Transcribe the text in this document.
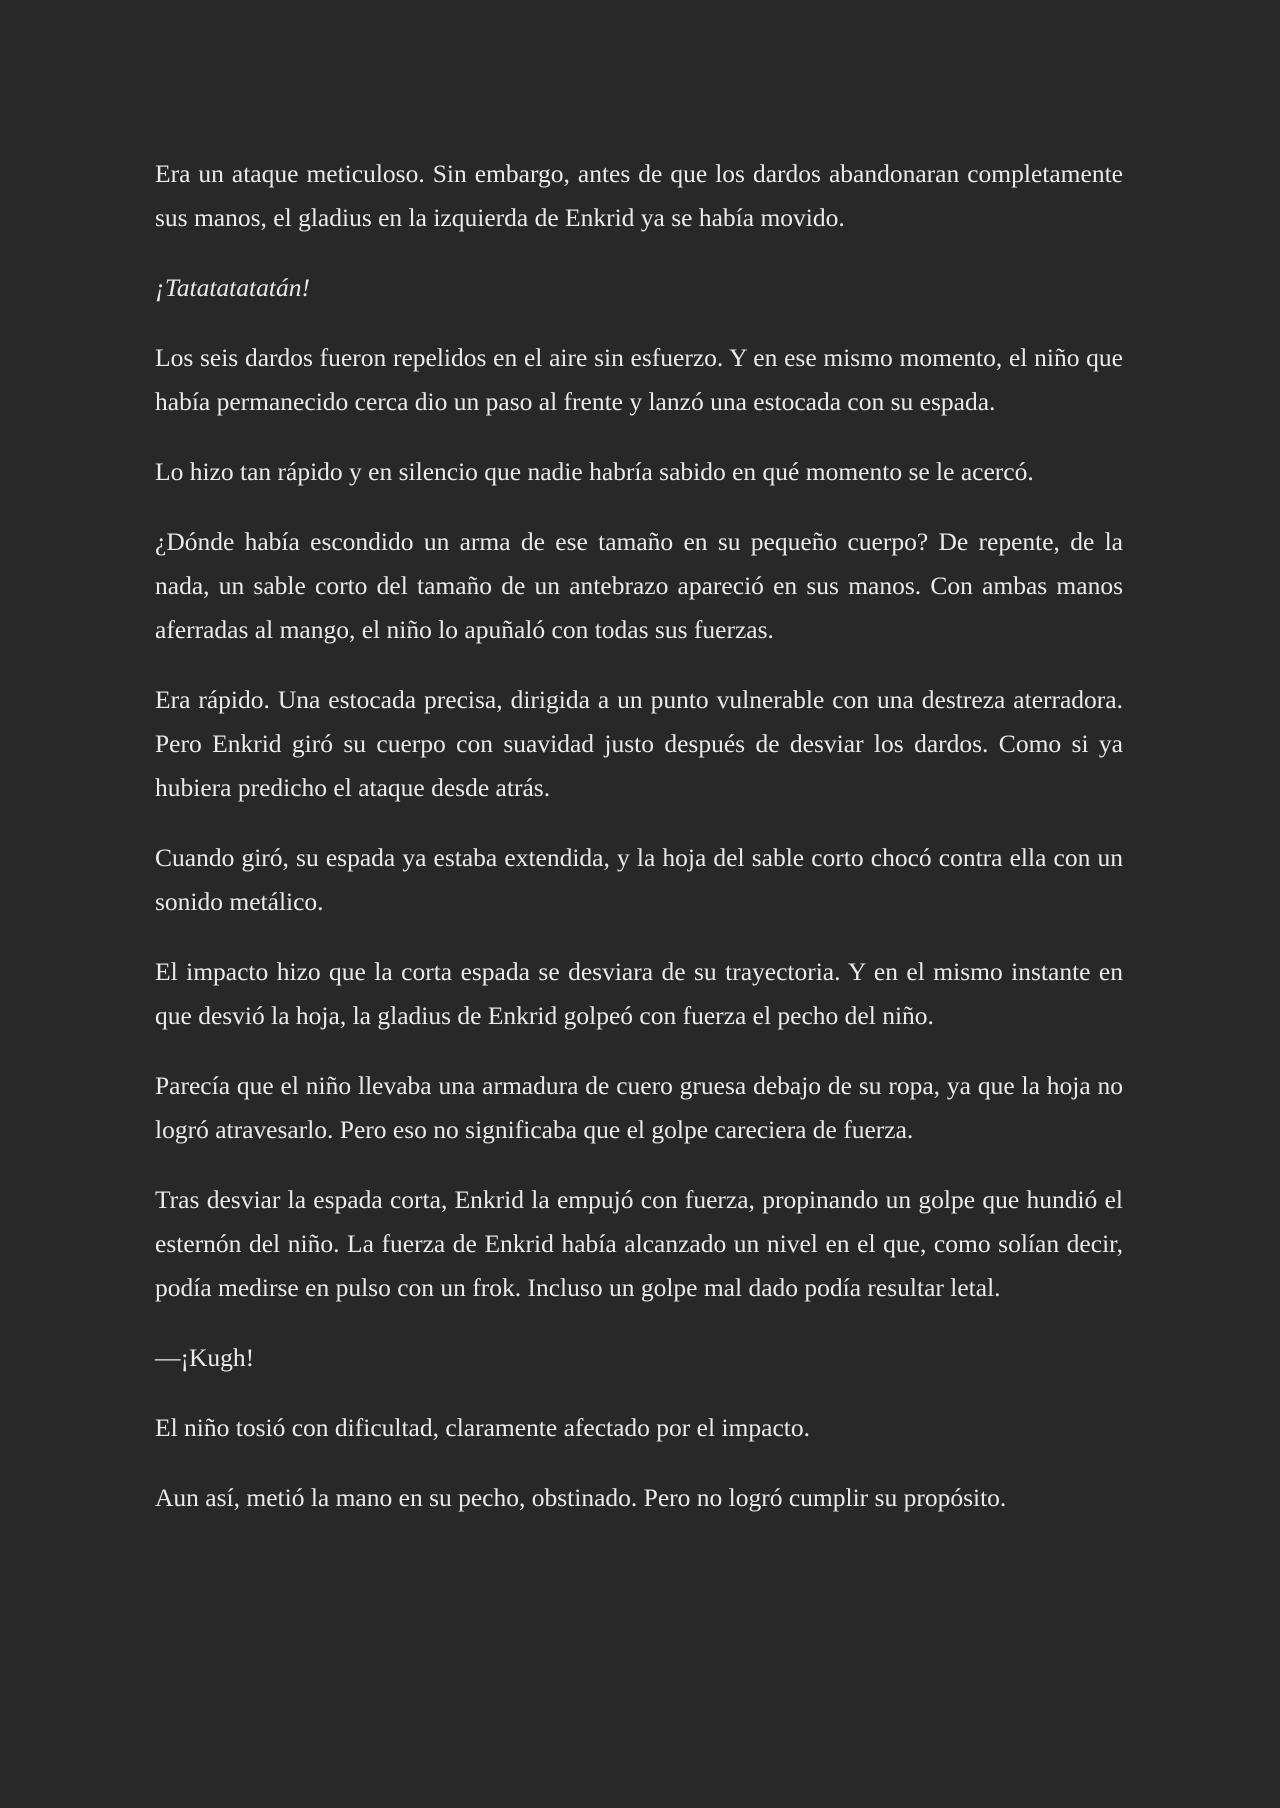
Era un ataque meticuloso. Sin embargo, antes de que los dardos abandonaran completamente sus manos, el gladius en la izquierda de Enkrid ya se había movido.

¡Tatatatatatán!

Los seis dardos fueron repelidos en el aire sin esfuerzo. Y en ese mismo momento, el niño que había permanecido cerca dio un paso al frente y lanzó una estocada con su espada.

Lo hizo tan rápido y en silencio que nadie habría sabido en qué momento se le acercó.

¿Dónde había escondido un arma de ese tamaño en su pequeño cuerpo? De repente, de la nada, un sable corto del tamaño de un antebrazo apareció en sus manos. Con ambas manos aferradas al mango, el niño lo apuñaló con todas sus fuerzas.

Era rápido. Una estocada precisa, dirigida a un punto vulnerable con una destreza aterradora. Pero Enkrid giró su cuerpo con suavidad justo después de desviar los dardos. Como si ya hubiera predicho el ataque desde atrás.

Cuando giró, su espada ya estaba extendida, y la hoja del sable corto chocó contra ella con un sonido metálico.

El impacto hizo que la corta espada se desviara de su trayectoria. Y en el mismo instante en que desvió la hoja, la gladius de Enkrid golpeó con fuerza el pecho del niño.

Parecía que el niño llevaba una armadura de cuero gruesa debajo de su ropa, ya que la hoja no logró atravesarlo. Pero eso no significaba que el golpe careciera de fuerza.

Tras desviar la espada corta, Enkrid la empujó con fuerza, propinando un golpe que hundió el esternón del niño. La fuerza de Enkrid había alcanzado un nivel en el que, como solían decir, podía medirse en pulso con un frok. Incluso un golpe mal dado podía resultar letal.

—¡Kugh!

El niño tosió con dificultad, claramente afectado por el impacto.

Aun así, metió la mano en su pecho, obstinado. Pero no logró cumplir su propósito.
